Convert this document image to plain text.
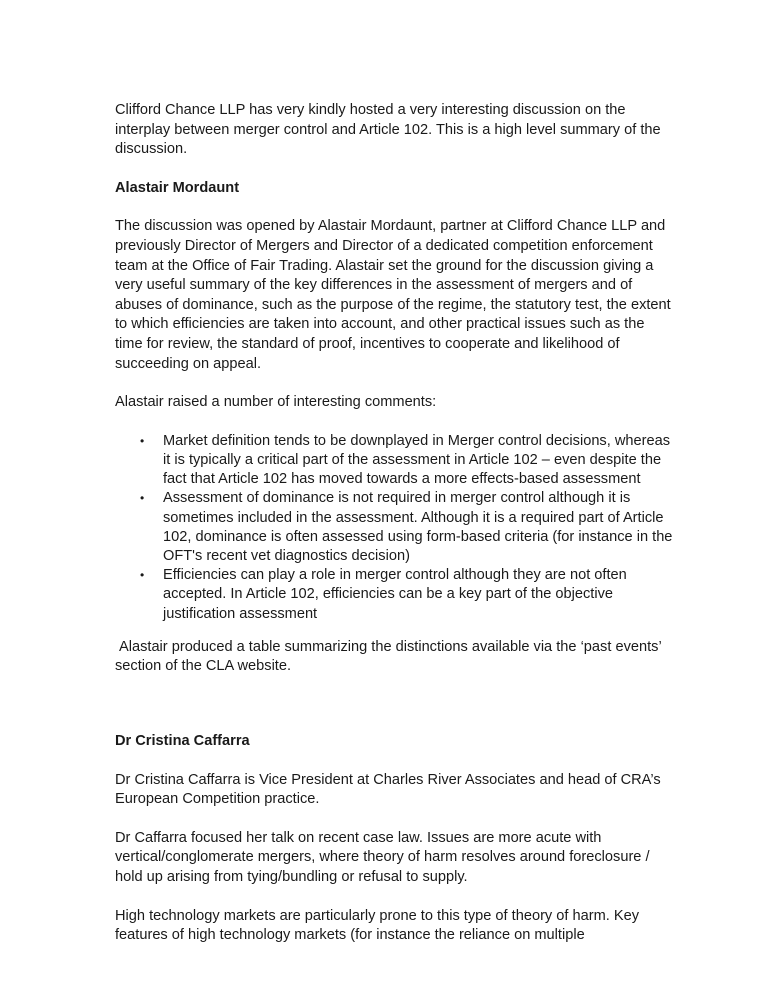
Clifford Chance LLP has very kindly hosted a very interesting discussion on the interplay between merger control and Article 102. This is a high level summary of the discussion.

Alastair Mordaunt

The discussion was opened by Alastair Mordaunt, partner at Clifford Chance LLP and previously Director of Mergers and Director of a dedicated competition enforcement team at the Office of Fair Trading. Alastair set the ground for the discussion giving a very useful summary of the key differences in the assessment of mergers and of abuses of dominance, such as the purpose of the regime, the statutory test, the extent to which efficiencies are taken into account, and other practical issues such as the time for review, the standard of proof, incentives to cooperate and likelihood of succeeding on appeal.

Alastair raised a number of interesting comments:

• Market definition tends to be downplayed in Merger control decisions, whereas it is typically a critical part of the assessment in Article 102 – even despite the fact that Article 102 has moved towards a more effects-based assessment
• Assessment of dominance is not required in merger control although it is sometimes included in the assessment. Although it is a required part of Article 102, dominance is often assessed using form-based criteria (for instance in the OFT's recent vet diagnostics decision)
• Efficiencies can play a role in merger control although they are not often accepted. In Article 102, efficiencies can be a key part of the objective justification assessment

Alastair produced a table summarizing the distinctions available via the ‘past events’ section of the CLA website.

Dr Cristina Caffarra

Dr Cristina Caffarra is Vice President at Charles River Associates and head of CRA’s European Competition practice.

Dr Caffarra focused her talk on recent case law. Issues are more acute with vertical/conglomerate mergers, where theory of harm resolves around foreclosure / hold up arising from tying/bundling or refusal to supply.

High technology markets are particularly prone to this type of theory of harm. Key features of high technology markets (for instance the reliance on multiple
